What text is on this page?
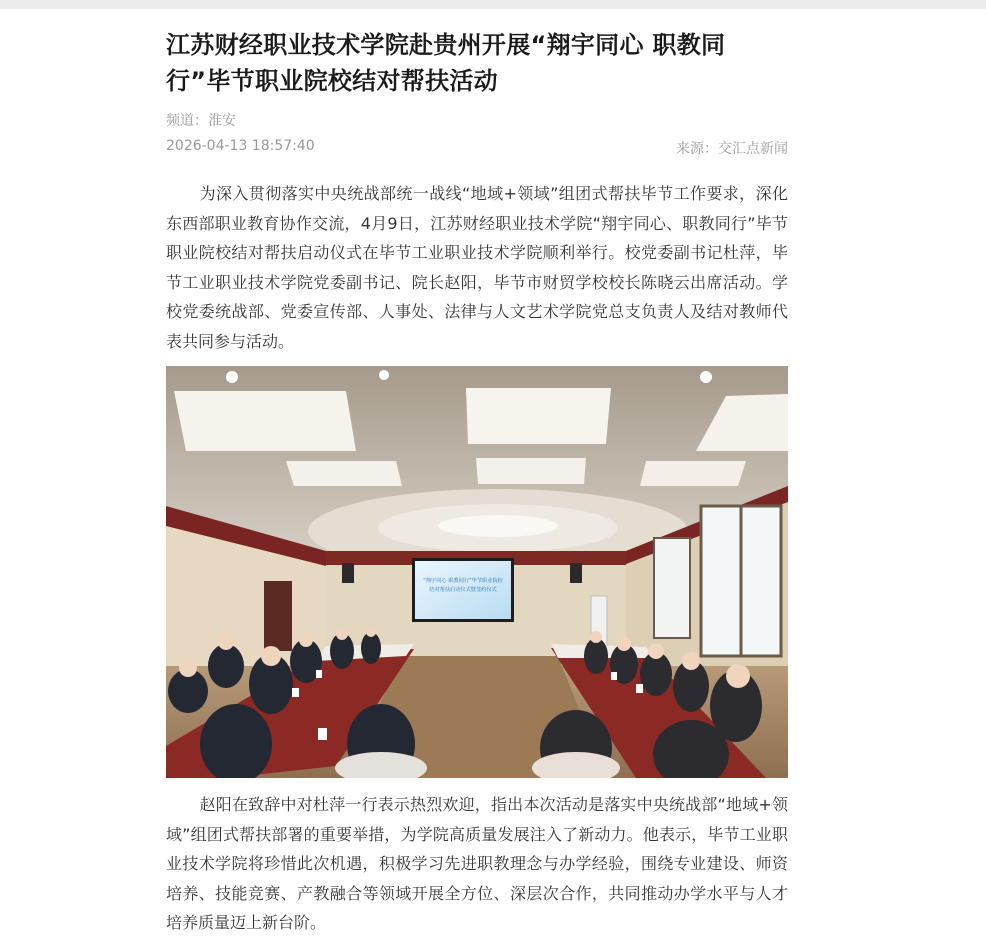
江苏财经职业技术学院赴贵州开展“翔宇同心 职教同行”毕节职业院校结对帮扶活动
频道：淮安
2026-04-13 18:57:40	来源：交汇点新闻

为深入贯彻落实中央统战部统一战线“地域+领域”组团式帮扶毕节工作要求，深化东西部职业教育协作交流，4月9日，江苏财经职业技术学院“翔宇同心、职教同行”毕节职业院校结对帮扶启动仪式在毕节工业职业技术学院顺利举行。校党委副书记杜萍，毕节工业职业技术学院党委副书记、院长赵阳，毕节市财贸学校校长陈晓云出席活动。学校党委统战部、党委宣传部、人事处、法律与人文艺术学院党总支负责人及结对教师代表共同参与活动。

“翔宇同心 职教同行”毕节职业院校
结对帮扶启动仪式暨签约仪式

赵阳在致辞中对杜萍一行表示热烈欢迎，指出本次活动是落实中央统战部“地域+领域”组团式帮扶部署的重要举措，为学院高质量发展注入了新动力。他表示，毕节工业职业技术学院将珍惜此次机遇，积极学习先进职教理念与办学经验，围绕专业建设、师资培养、技能竞赛、产教融合等领域开展全方位、深层次合作，共同推动办学水平与人才培养质量迈上新台阶。
